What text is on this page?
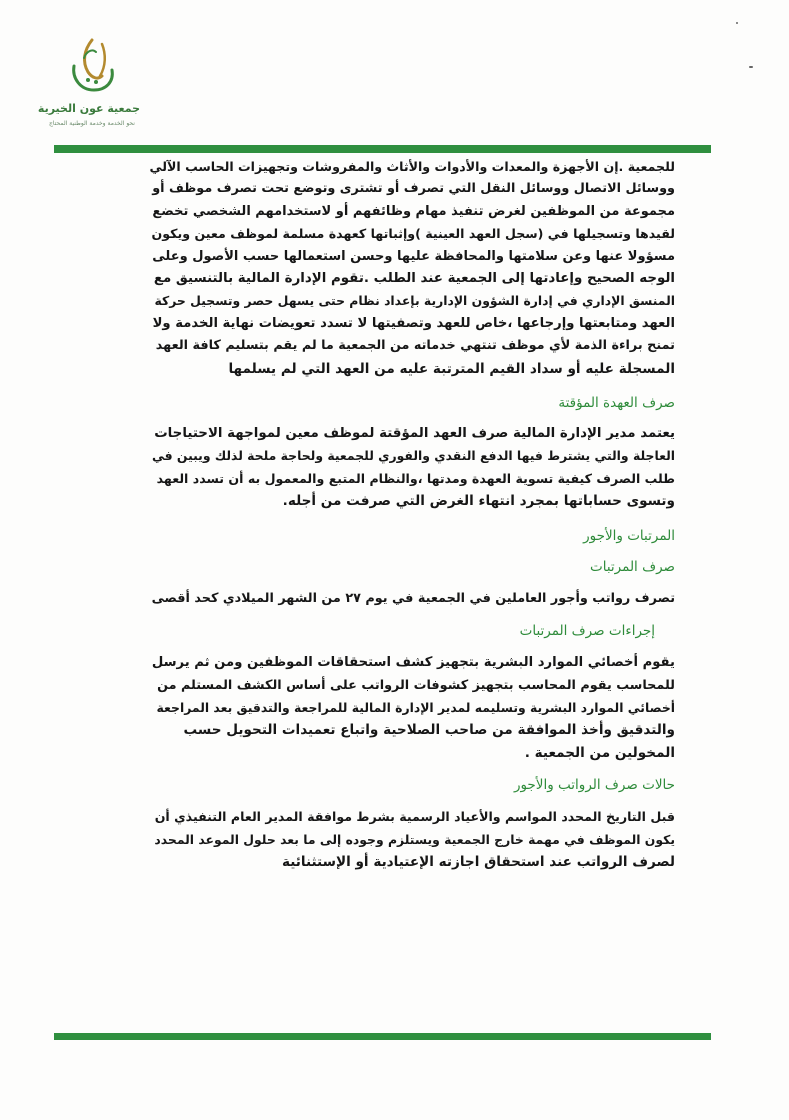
جمعية عون الخيرية
نحو الخدمة وخدمة الوطنية المحتاج

للجمعية .إن الأجهزة والمعدات والأدوات والأثاث والمفروشات وتجهيزات الحاسب الآلي
ووسائل الاتصال ووسائل النقل التي تصرف أو تشترى وتوضع تحت تصرف موظف أو
مجموعة من الموظفين لغرض تنفيذ مهام وظائفهم أو لاستخدامهم الشخصي تخضع
لقيدها وتسجيلها في (سجل العهد العينية )وإثباتها كعهدة مسلمة لموظف معين ويكون
مسؤولا عنها وعن سلامتها والمحافظة عليها وحسن استعمالها حسب الأصول وعلى
الوجه الصحيح وإعادتها إلى الجمعية عند الطلب .تقوم الإدارة المالية بالتنسيق مع
المنسق الإداري في إدارة الشؤون الإدارية بإعداد نظام حتى يسهل حصر وتسجيل حركة
العهد ومتابعتها وإرجاعها ،خاص للعهد وتصفيتها لا تسدد تعويضات نهاية الخدمة ولا
تمنح براءة الذمة لأي موظف تنتهي خدماته من الجمعية ما لم يقم بتسليم كافة العهد
المسجلة عليه أو سداد القيم المترتبة عليه من العهد التي لم يسلمها

صرف العهدة المؤقتة

يعتمد مدير الإدارة المالية صرف العهد المؤقتة لموظف معين لمواجهة الاحتياجات
العاجلة والتي يشترط فيها الدفع النقدي والفوري للجمعية ولحاجة ملحة لذلك ويبين في
طلب الصرف كيفية تسوية العهدة ومدتها ،والنظام المتبع والمعمول به أن تسدد العهد
وتسوى حساباتها بمجرد انتهاء الغرض التي صرفت من أجله.

المرتبات والأجور
صرف المرتبات

تصرف رواتب وأجور العاملين في الجمعية في يوم ٢٧ من الشهر الميلادي كحد أقصى

إجراءات صرف المرتبات

يقوم أخصائي الموارد البشرية بتجهيز كشف استحقاقات الموظفين ومن ثم يرسل
للمحاسب يقوم المحاسب بتجهيز كشوفات الرواتب على أساس الكشف المستلم من
أخصائي الموارد البشرية وتسليمه لمدير الإدارة المالية للمراجعة والتدقيق بعد المراجعة
والتدقيق وأخذ الموافقة من صاحب الصلاحية واتباع تعميدات التحويل حسب
المخولين من الجمعية .

حالات صرف الرواتب والأجور

قبل التاريخ المحدد المواسم والأعياد الرسمية بشرط موافقة المدير العام التنفيذي أن
يكون الموظف في مهمة خارج الجمعية ويستلزم وجوده إلى ما بعد حلول الموعد المحدد
لصرف الرواتب عند استحقاق اجازته الإعتيادية أو الإستثنائية
